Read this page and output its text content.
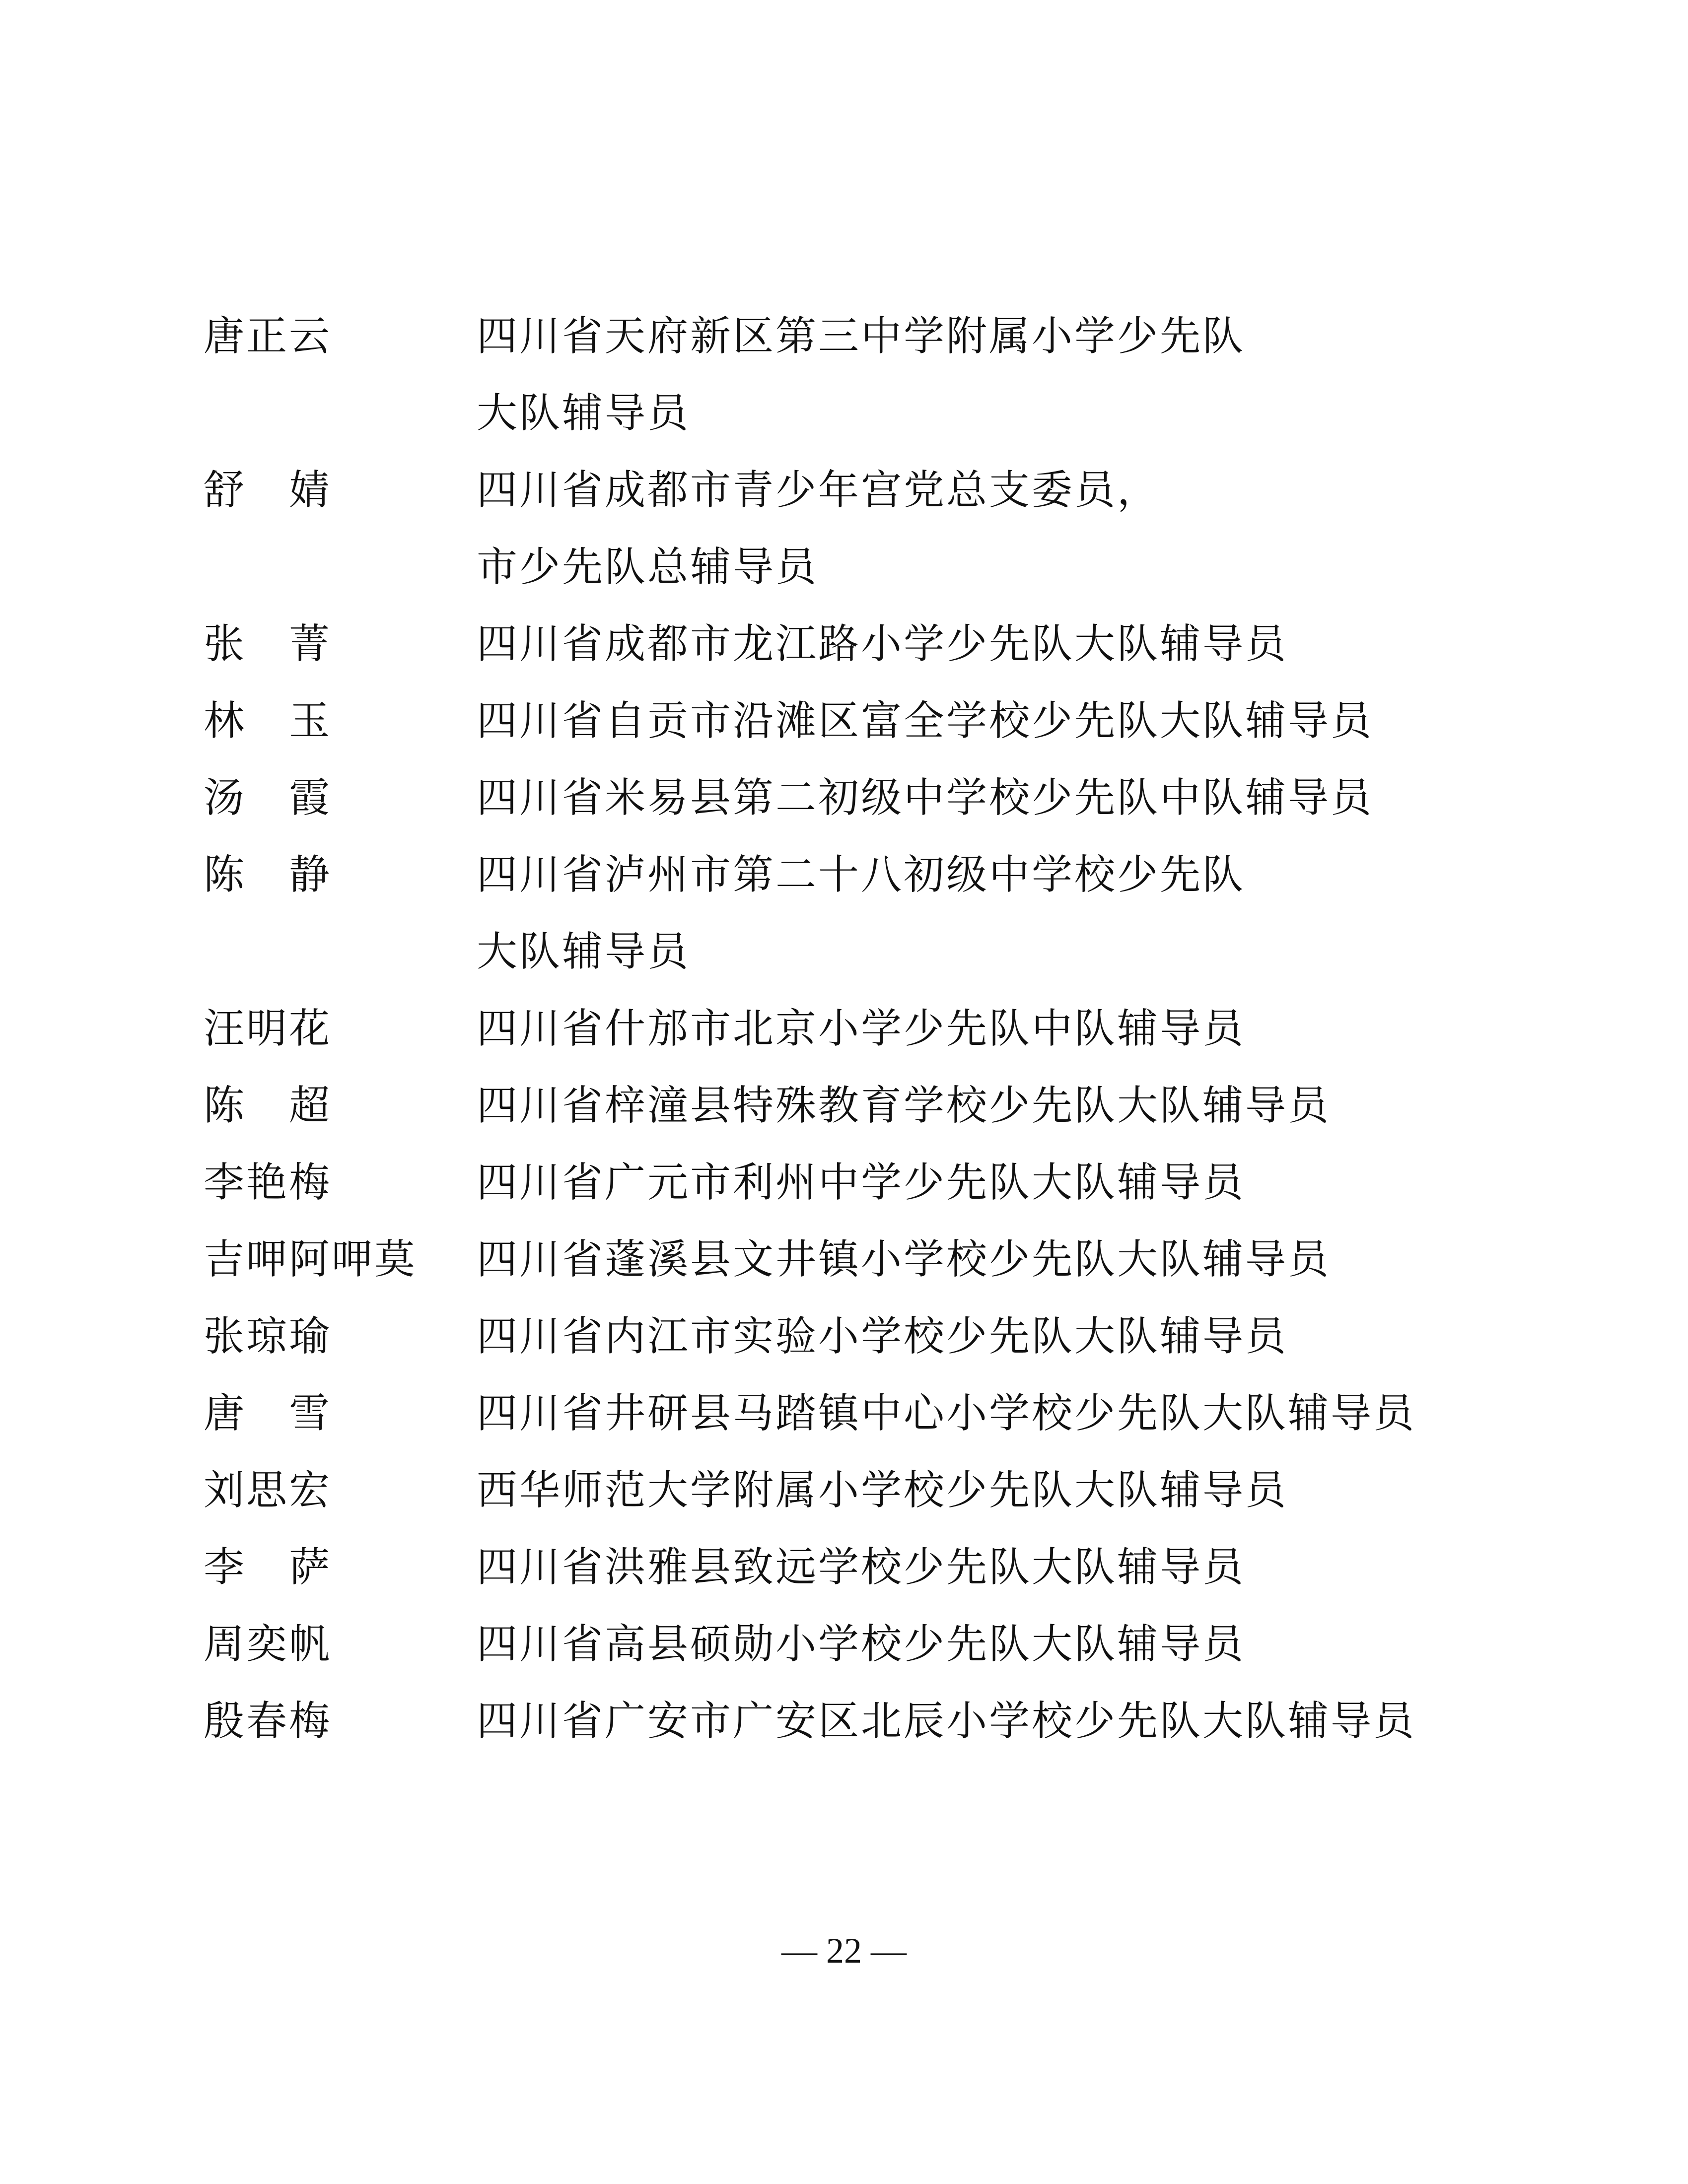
唐正云	四川省天府新区第三中学附属小学少先队
大队辅导员
舒　婧	四川省成都市青少年宫党总支委员，
市少先队总辅导员
张　菁	四川省成都市龙江路小学少先队大队辅导员
林　玉	四川省自贡市沿滩区富全学校少先队大队辅导员
汤　霞	四川省米易县第二初级中学校少先队中队辅导员
陈　静	四川省泸州市第二十八初级中学校少先队
大队辅导员
汪明花	四川省什邡市北京小学少先队中队辅导员
陈　超	四川省梓潼县特殊教育学校少先队大队辅导员
李艳梅	四川省广元市利州中学少先队大队辅导员
吉呷阿呷莫	四川省蓬溪县文井镇小学校少先队大队辅导员
张琼瑜	四川省内江市实验小学校少先队大队辅导员
唐　雪	四川省井研县马踏镇中心小学校少先队大队辅导员
刘思宏	西华师范大学附属小学校少先队大队辅导员
李　萨	四川省洪雅县致远学校少先队大队辅导员
周奕帆	四川省高县硕勋小学校少先队大队辅导员
殷春梅	四川省广安市广安区北辰小学校少先队大队辅导员
— 22 —
